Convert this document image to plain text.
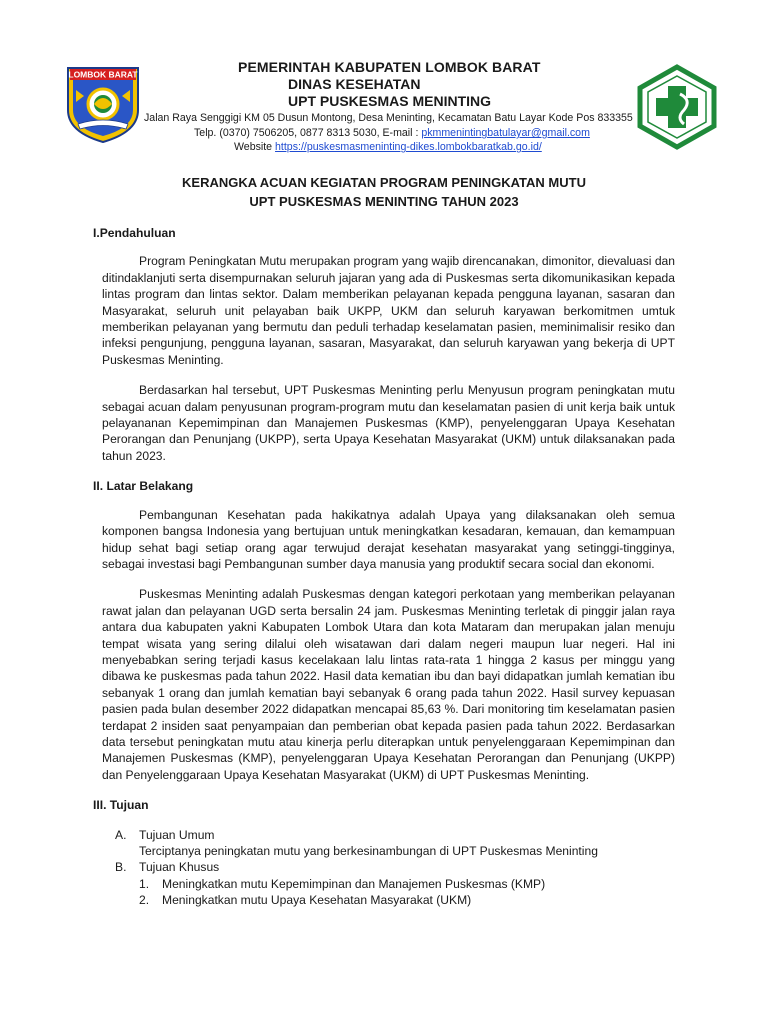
LOMBOK BARAT	PEMERINTAH KABUPATEN LOMBOK BARAT
DINAS KESEHATAN
UPT PUSKESMAS MENINTING
Jalan Raya Senggigi KM 05 Dusun Montong, Desa Meninting, Kecamatan Batu Layar Kode Pos 833355
Telp. (0370) 7506205, 0877 8313 5030, E-mail : pkmmenintingbatulayar@gmail.com
Website https://puskesmasmeninting-dikes.lombokbaratkab.go.id/
KERANGKA ACUAN KEGIATAN PROGRAM PENINGKATAN MUTU
UPT PUSKESMAS MENINTING TAHUN 2023

I.Pendahuluan

Program Peningkatan Mutu merupakan program yang wajib direncanakan, dimonitor, dievaluasi dan ditindaklanjuti serta disempurnakan seluruh jajaran yang ada di Puskesmas serta dikomunikasikan kepada lintas program dan lintas sektor. Dalam memberikan pelayanan kepada pengguna layanan, sasaran dan Masyarakat, seluruh unit pelayaban baik UKPP, UKM dan seluruh karyawan berkomitmen umtuk memberikan pelayanan yang bermutu dan peduli terhadap keselamatan pasien, meminimalisir resiko dan infeksi pengunjung, pengguna layanan, sasaran, Masyarakat, dan seluruh karyawan yang bekerja di UPT Puskesmas Meninting.

Berdasarkan hal tersebut, UPT Puskesmas Meninting perlu Menyusun program peningkatan mutu sebagai acuan dalam penyusunan program-program mutu dan keselamatan pasien di unit kerja baik untuk pelayananan Kepemimpinan dan Manajemen Puskesmas (KMP), penyelenggaran Upaya Kesehatan Perorangan dan Penunjang (UKPP), serta Upaya Kesehatan Masyarakat (UKM) untuk dilaksanakan pada tahun 2023.

II. Latar Belakang

Pembangunan Kesehatan pada hakikatnya adalah Upaya yang dilaksanakan oleh semua komponen bangsa Indonesia yang bertujuan untuk meningkatkan kesadaran, kemauan, dan kemampuan hidup sehat bagi setiap orang agar terwujud derajat kesehatan masyarakat yang setinggi-tingginya, sebagai investasi bagi Pembangunan sumber daya manusia yang produktif secara social dan ekonomi.

Puskesmas Meninting adalah Puskesmas dengan kategori perkotaan yang memberikan pelayanan rawat jalan dan pelayanan UGD serta bersalin 24 jam. Puskesmas Meninting terletak di pinggir jalan raya antara dua kabupaten yakni Kabupaten Lombok Utara dan kota Mataram dan merupakan jalan menuju tempat wisata yang sering dilalui oleh wisatawan dari dalam negeri maupun luar negeri. Hal ini menyebabkan sering terjadi kasus kecelakaan lalu lintas rata-rata 1 hingga 2 kasus per minggu yang dibawa ke puskesmas pada tahun 2022. Hasil data kematian ibu dan bayi didapatkan jumlah kematian ibu sebanyak 1 orang dan jumlah kematian bayi sebanyak 6 orang pada tahun 2022. Hasil survey kepuasan pasien pada bulan desember 2022 didapatkan mencapai 85,63 %. Dari monitoring tim keselamatan pasien terdapat 2 insiden saat penyampaian dan pemberian obat kepada pasien pada tahun 2022. Berdasarkan data tersebut peningkatan mutu atau kinerja perlu diterapkan untuk penyelenggaraan Kepemimpinan dan Manajemen Puskesmas (KMP), penyelenggaran Upaya Kesehatan Perorangan dan Penunjang (UKPP) dan Penyelenggaraan Upaya Kesehatan Masyarakat (UKM) di UPT Puskesmas Meninting.

III. Tujuan

A.	Tujuan Umum
Terciptanya peningkatan mutu yang berkesinambungan di UPT Puskesmas Meninting
B.	Tujuan Khusus
1.	Meningkatkan mutu Kepemimpinan dan Manajemen Puskesmas (KMP)
2.	Meningkatkan mutu Upaya Kesehatan Masyarakat (UKM)
